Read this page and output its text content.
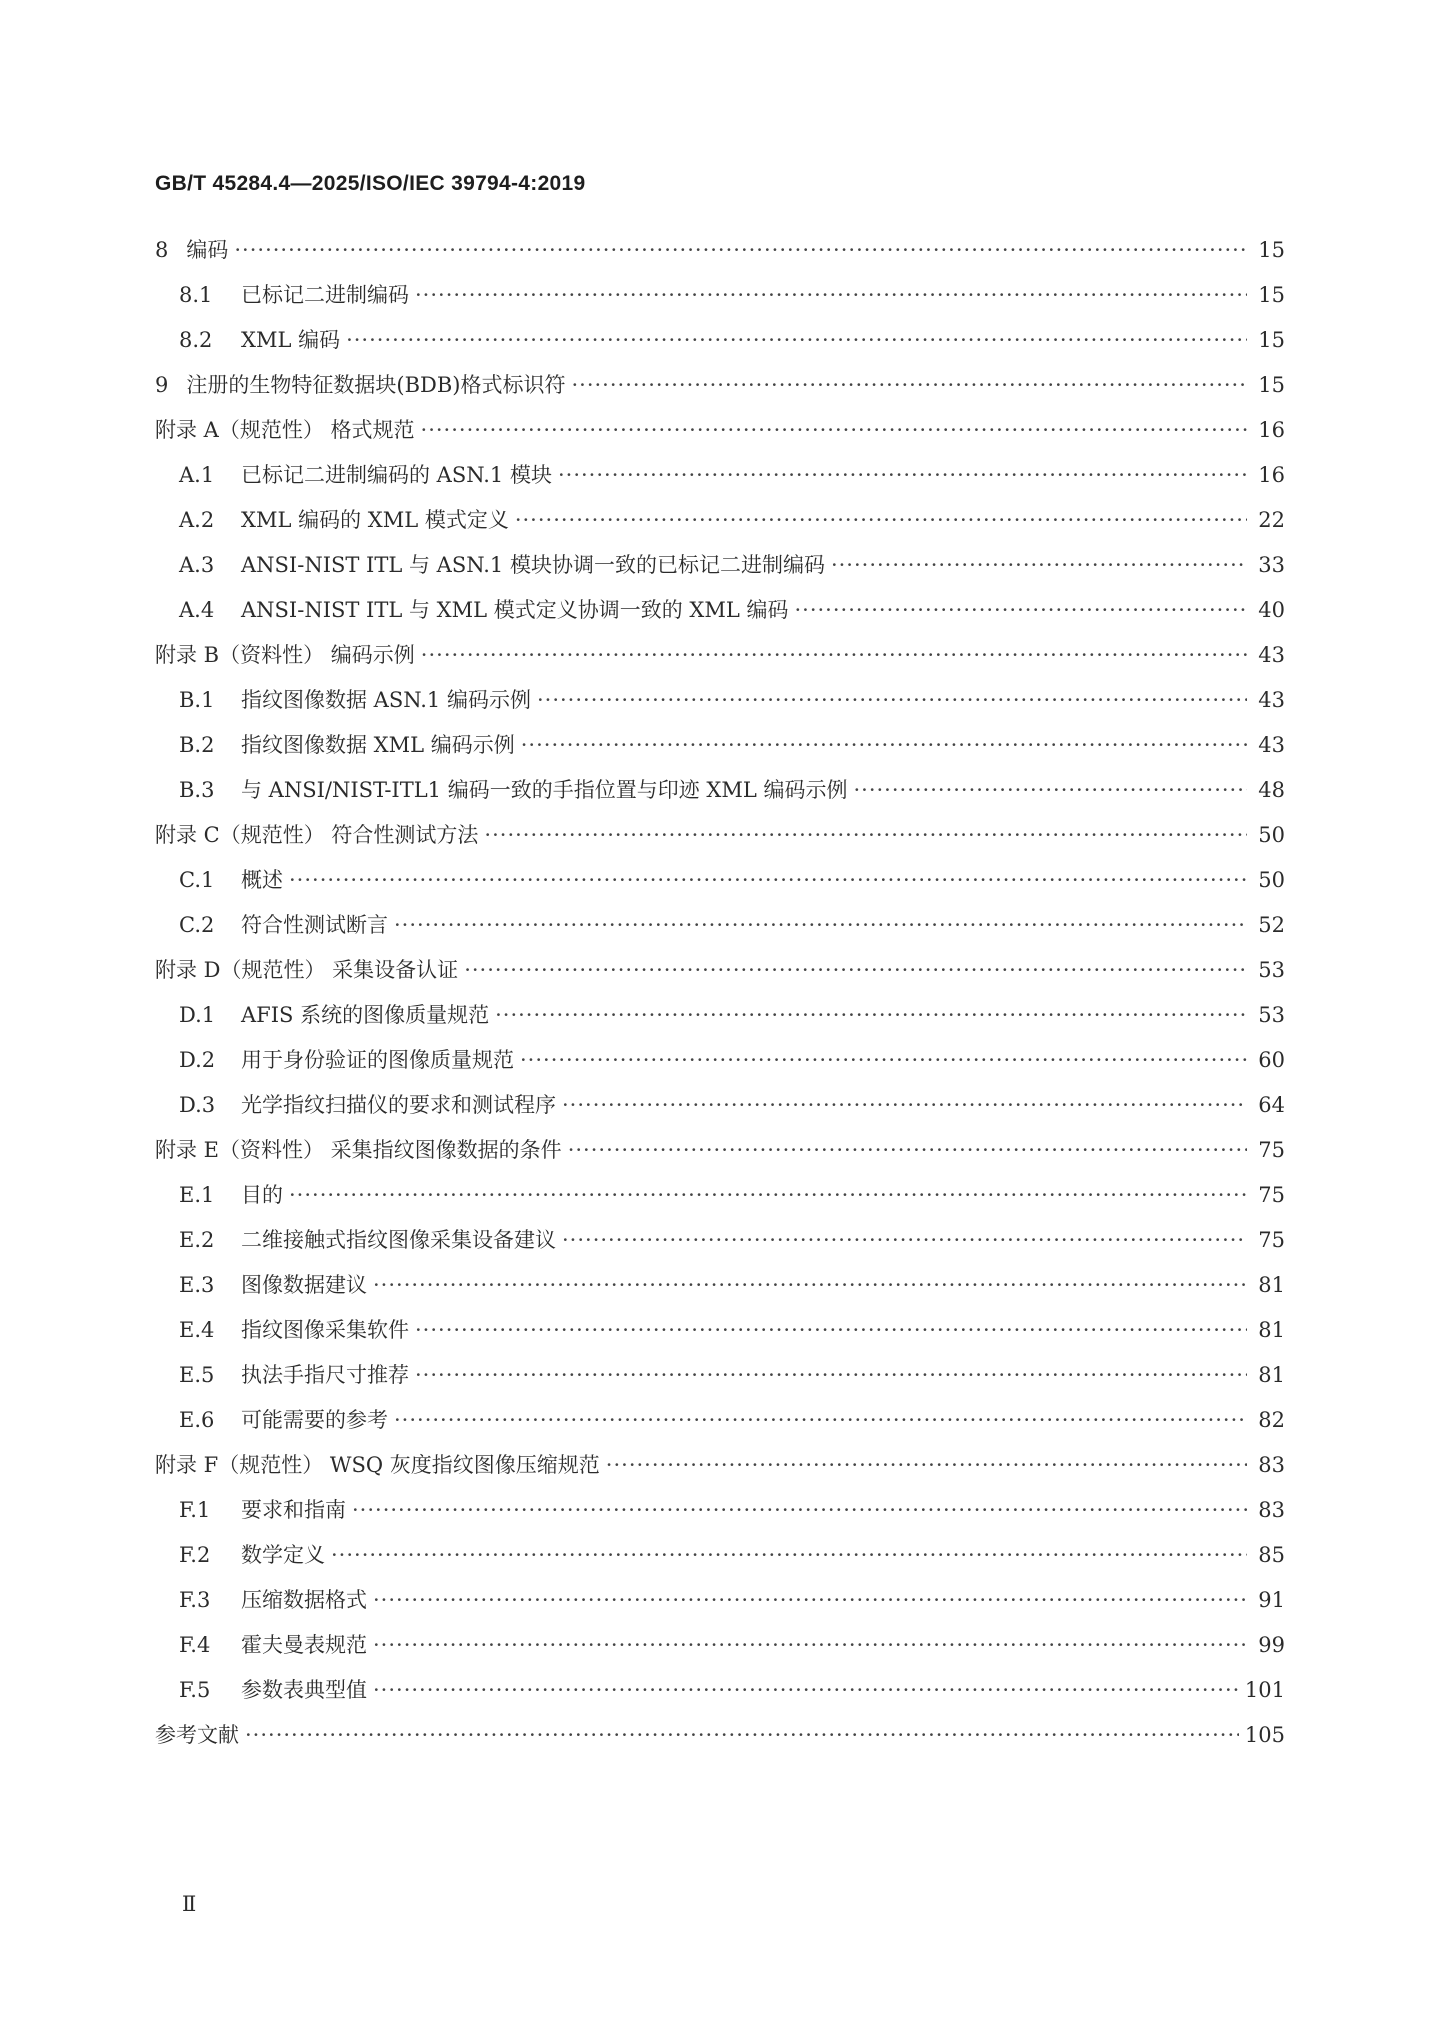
GB/T 45284.4—2025/ISO/IEC 39794-4:2019
8 编码 ·····	15
8.1	已标记二进制编码 ·····	15
8.2	XML 编码 ·····	15
9 注册的生物特征数据块(BDB)格式标识符 ·····	15
附录 A（规范性） 格式规范 ·····	16
A.1	已标记二进制编码的 ASN.1 模块 ·····	16
A.2	XML 编码的 XML 模式定义 ·····	22
A.3	ANSI-NIST ITL 与 ASN.1 模块协调一致的已标记二进制编码 ·····	33
A.4	ANSI-NIST ITL 与 XML 模式定义协调一致的 XML 编码 ·····	40
附录 B（资料性） 编码示例 ·····	43
B.1	指纹图像数据 ASN.1 编码示例 ·····	43
B.2	指纹图像数据 XML 编码示例 ·····	43
B.3	与 ANSI/NIST-ITL1 编码一致的手指位置与印迹 XML 编码示例 ·····	48
附录 C（规范性） 符合性测试方法 ·····	50
C.1	概述 ·····	50
C.2	符合性测试断言 ·····	52
附录 D（规范性） 采集设备认证 ·····	53
D.1	AFIS 系统的图像质量规范 ·····	53
D.2	用于身份验证的图像质量规范 ·····	60
D.3	光学指纹扫描仪的要求和测试程序 ·····	64
附录 E（资料性） 采集指纹图像数据的条件 ·····	75
E.1	目的 ·····	75
E.2	二维接触式指纹图像采集设备建议 ·····	75
E.3	图像数据建议 ·····	81
E.4	指纹图像采集软件 ·····	81
E.5	执法手指尺寸推荐 ·····	81
E.6	可能需要的参考 ·····	82
附录 F（规范性） WSQ 灰度指纹图像压缩规范 ·····	83
F.1	要求和指南 ·····	83
F.2	数学定义 ·····	85
F.3	压缩数据格式 ·····	91
F.4	霍夫曼表规范 ·····	99
F.5	参数表典型值 ·····	101
参考文献 ·····	105
Ⅱ
